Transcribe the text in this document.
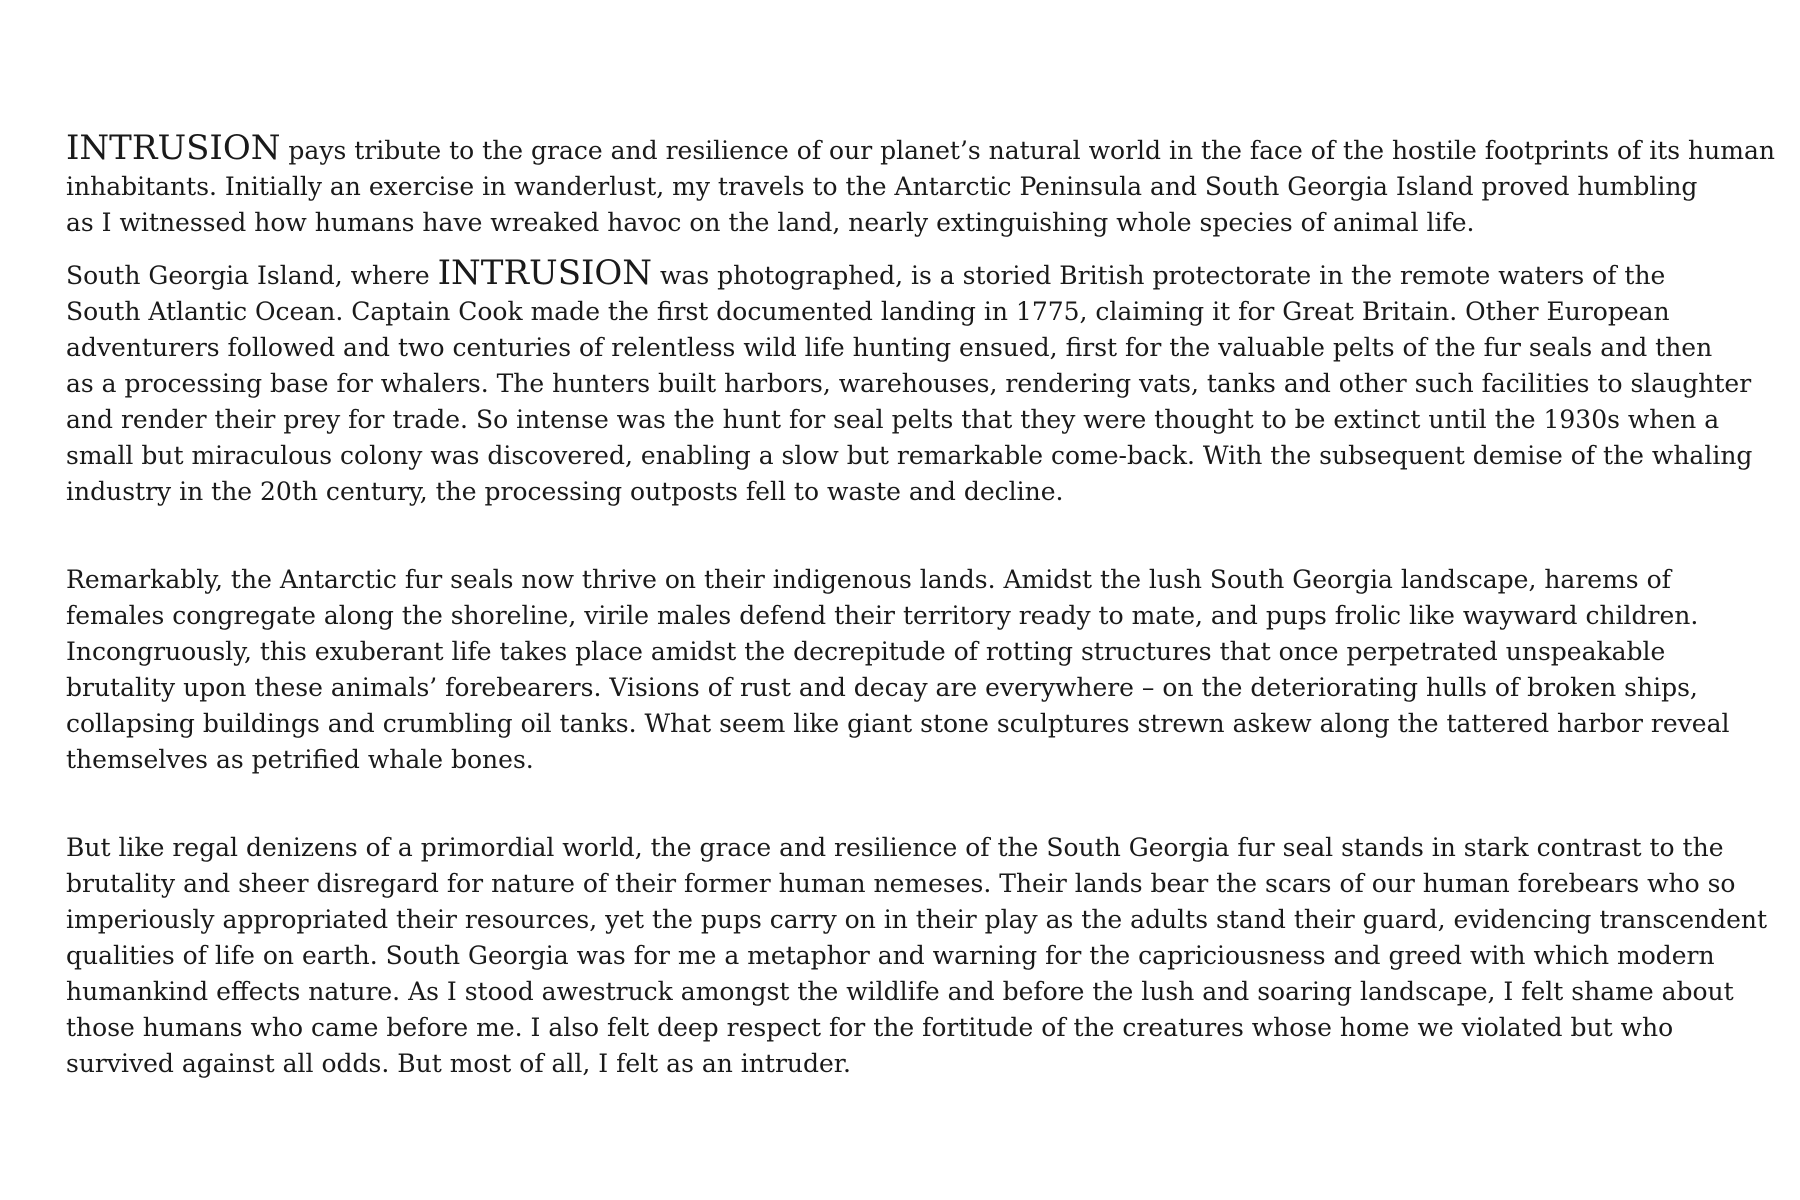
INTRUSION pays tribute to the grace and resilience of our planet’s natural world in the face of the hostile footprints of its human
inhabitants. Initially an exercise in wanderlust, my travels to the Antarctic Peninsula and South Georgia Island proved humbling
as I witnessed how humans have wreaked havoc on the land, nearly extinguishing whole species of animal life.
South Georgia Island, where INTRUSION was photographed, is a storied British protectorate in the remote waters of the
South Atlantic Ocean. Captain Cook made the first documented landing in 1775, claiming it for Great Britain. Other European
adventurers followed and two centuries of relentless wild life hunting ensued, first for the valuable pelts of the fur seals and then
as a processing base for whalers. The hunters built harbors, warehouses, rendering vats, tanks and other such facilities to slaughter
and render their prey for trade. So intense was the hunt for seal pelts that they were thought to be extinct until the 1930s when a
small but miraculous colony was discovered, enabling a slow but remarkable come-back. With the subsequent demise of the whaling
industry in the 20th century, the processing outposts fell to waste and decline.
Remarkably, the Antarctic fur seals now thrive on their indigenous lands. Amidst the lush South Georgia landscape, harems of
females congregate along the shoreline, virile males defend their territory ready to mate, and pups frolic like wayward children.
Incongruously, this exuberant life takes place amidst the decrepitude of rotting structures that once perpetrated unspeakable
brutality upon these animals’ forebearers. Visions of rust and decay are everywhere – on the deteriorating hulls of broken ships,
collapsing buildings and crumbling oil tanks. What seem like giant stone sculptures strewn askew along the tattered harbor reveal
themselves as petrified whale bones.
But like regal denizens of a primordial world, the grace and resilience of the South Georgia fur seal stands in stark contrast to the
brutality and sheer disregard for nature of their former human nemeses. Their lands bear the scars of our human forebears who so
imperiously appropriated their resources, yet the pups carry on in their play as the adults stand their guard, evidencing transcendent
qualities of life on earth. South Georgia was for me a metaphor and warning for the capriciousness and greed with which modern
humankind effects nature. As I stood awestruck amongst the wildlife and before the lush and soaring landscape, I felt shame about
those humans who came before me. I also felt deep respect for the fortitude of the creatures whose home we violated but who
survived against all odds. But most of all, I felt as an intruder.
